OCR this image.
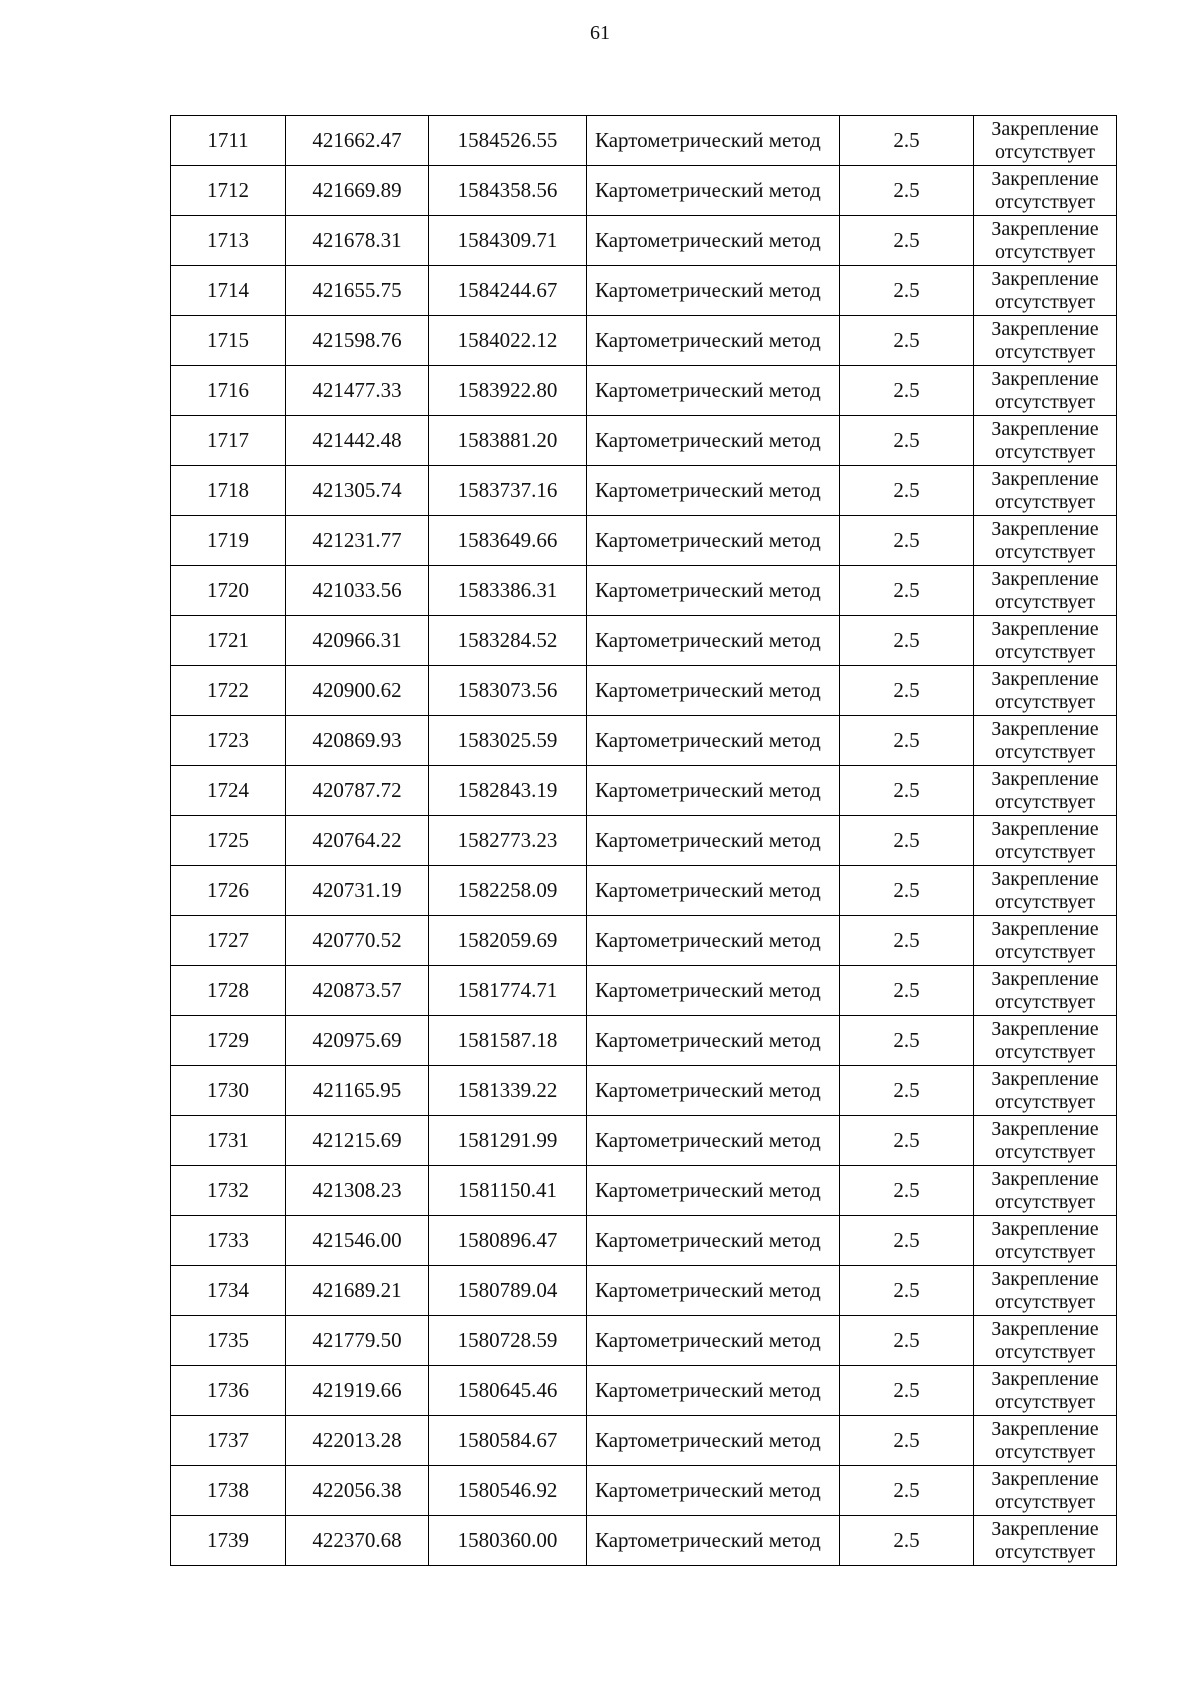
61
1711	421662.47	1584526.55	Картометрический метод	2.5	Закрепление отсутствует
1712	421669.89	1584358.56	Картометрический метод	2.5	Закрепление отсутствует
1713	421678.31	1584309.71	Картометрический метод	2.5	Закрепление отсутствует
1714	421655.75	1584244.67	Картометрический метод	2.5	Закрепление отсутствует
1715	421598.76	1584022.12	Картометрический метод	2.5	Закрепление отсутствует
1716	421477.33	1583922.80	Картометрический метод	2.5	Закрепление отсутствует
1717	421442.48	1583881.20	Картометрический метод	2.5	Закрепление отсутствует
1718	421305.74	1583737.16	Картометрический метод	2.5	Закрепление отсутствует
1719	421231.77	1583649.66	Картометрический метод	2.5	Закрепление отсутствует
1720	421033.56	1583386.31	Картометрический метод	2.5	Закрепление отсутствует
1721	420966.31	1583284.52	Картометрический метод	2.5	Закрепление отсутствует
1722	420900.62	1583073.56	Картометрический метод	2.5	Закрепление отсутствует
1723	420869.93	1583025.59	Картометрический метод	2.5	Закрепление отсутствует
1724	420787.72	1582843.19	Картометрический метод	2.5	Закрепление отсутствует
1725	420764.22	1582773.23	Картометрический метод	2.5	Закрепление отсутствует
1726	420731.19	1582258.09	Картометрический метод	2.5	Закрепление отсутствует
1727	420770.52	1582059.69	Картометрический метод	2.5	Закрепление отсутствует
1728	420873.57	1581774.71	Картометрический метод	2.5	Закрепление отсутствует
1729	420975.69	1581587.18	Картометрический метод	2.5	Закрепление отсутствует
1730	421165.95	1581339.22	Картометрический метод	2.5	Закрепление отсутствует
1731	421215.69	1581291.99	Картометрический метод	2.5	Закрепление отсутствует
1732	421308.23	1581150.41	Картометрический метод	2.5	Закрепление отсутствует
1733	421546.00	1580896.47	Картометрический метод	2.5	Закрепление отсутствует
1734	421689.21	1580789.04	Картометрический метод	2.5	Закрепление отсутствует
1735	421779.50	1580728.59	Картометрический метод	2.5	Закрепление отсутствует
1736	421919.66	1580645.46	Картометрический метод	2.5	Закрепление отсутствует
1737	422013.28	1580584.67	Картометрический метод	2.5	Закрепление отсутствует
1738	422056.38	1580546.92	Картометрический метод	2.5	Закрепление отсутствует
1739	422370.68	1580360.00	Картометрический метод	2.5	Закрепление отсутствует
